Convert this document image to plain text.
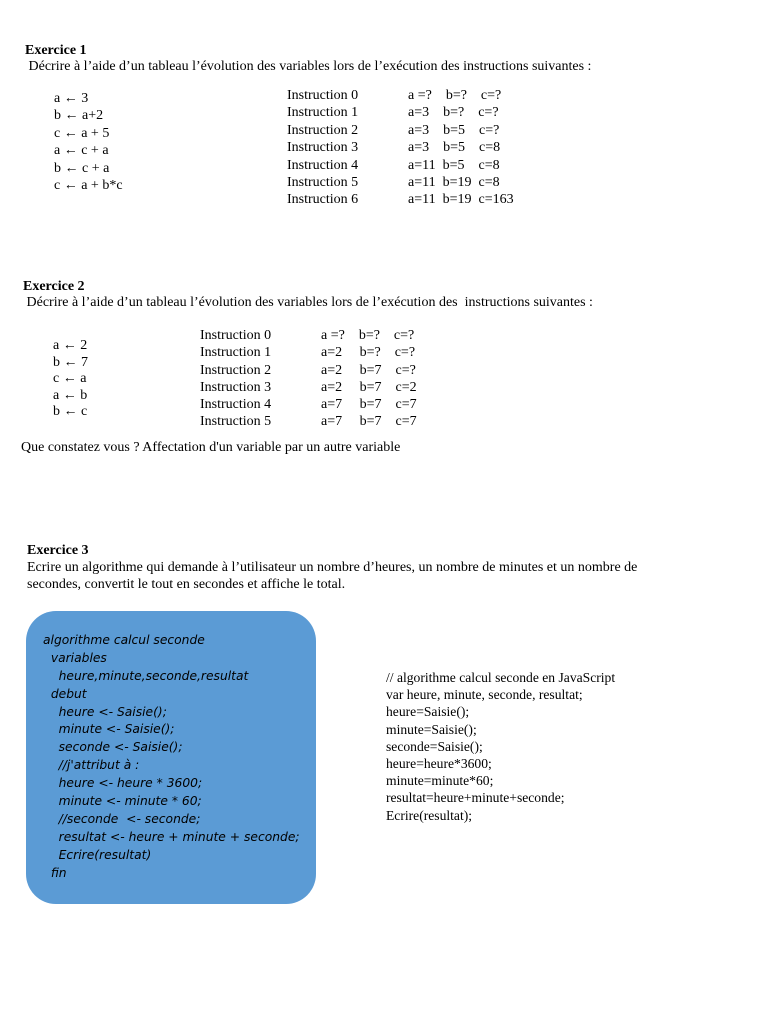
Exercice 1
Décrire à l’aide d’un tableau l’évolution des variables lors de l’exécution des instructions suivantes :
a ← 3
b ← a+2
c ← a + 5
a ← c + a
b ← c + a
c ← a + b*c
Instruction 0
Instruction 1
Instruction 2
Instruction 3
Instruction 4
Instruction 5
Instruction 6
a =?    b=?    c=?
a=3    b=?    c=?
a=3    b=5    c=?
a=3    b=5    c=8
a=11  b=5    c=8
a=11  b=19  c=8
a=11  b=19  c=163
Exercice 2
Décrire à l’aide d’un tableau l’évolution des variables lors de l’exécution des  instructions suivantes :
a ← 2
b ← 7
c ← a
a ← b
b ← c
Instruction 0
Instruction 1
Instruction 2
Instruction 3
Instruction 4
Instruction 5
a =?    b=?    c=?
a=2     b=?    c=?
a=2     b=7    c=?
a=2     b=7    c=2
a=7     b=7    c=7
a=7     b=7    c=7
Que constatez vous ? Affectation d'un variable par un autre variable
Exercice 3
Ecrire un algorithme qui demande à l’utilisateur un nombre d’heures, un nombre de minutes et un nombre de
secondes, convertit le tout en secondes et affiche le total.
algorithme calcul seconde
variables
heure,minute,seconde,resultat
debut
heure <- Saisie();
minute <- Saisie();
seconde <- Saisie();
//j'attribut à :
heure <- heure * 3600;
minute <- minute * 60;
//seconde  <- seconde;
resultat <- heure + minute + seconde;
Ecrire(resultat)
fin
// algorithme calcul seconde en JavaScript
var heure, minute, seconde, resultat;
heure=Saisie();
minute=Saisie();
seconde=Saisie();
heure=heure*3600;
minute=minute*60;
resultat=heure+minute+seconde;
Ecrire(resultat);
